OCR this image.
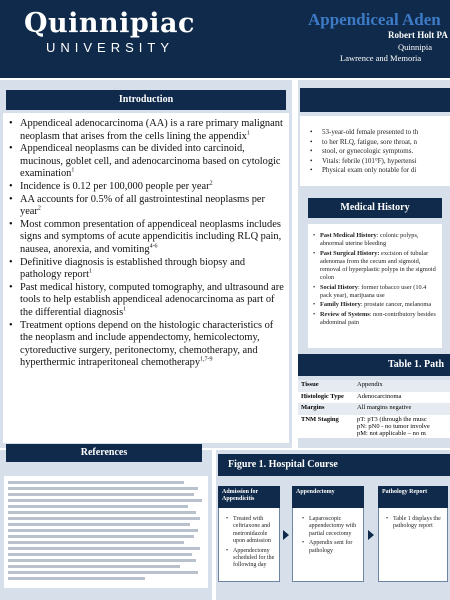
Quinnipiac
UNIVERSITY
Appendiceal Aden
Robert Holt PA
Quinnipia
Lawrence and Memoria
Introduction
• Appendiceal adenocarcinoma (AA) is a rare primary malignant neoplasm that arises from the cells lining the appendix$^1$
• Appendiceal neoplasms can be divided into carcinoid, mucinous, goblet cell, and adenocarcinoma based on cytologic examination$^1$
• Incidence is 0.12 per 100,000 people per year$^2$
• AA accounts for 0.5% of all gastrointestinal neoplasms per year$^2$
• Most common presentation of appendiceal neoplasms includes signs and symptoms of acute appendicitis including RLQ pain, nausea, anorexia, and vomiting$^{4-6}$
• Definitive diagnosis is established through biopsy and pathology report$^1$
• Past medical history, computed tomography, and ultrasound are tools to help establish appendiceal adenocarcinoma as part of the differential diagnosis$^1$
• Treatment options depend on the histologic characteristics of the neoplasm and include appendectomy, hemicolectomy, cytoreductive surgery, peritonectomy, chemotherapy, and hyperthermic intraperitoneal chemotherapy$^{1,7-9}$
• 53-year-old female presented to th
• to her RLQ, fatigue, sore throat, n
• stool, or gynecologic symptoms.
• Vitals: febrile (101°F), hypertensi
• Physical exam only notable for di
Medical History
• Past Medical History: colonic polyps, abnormal uterine bleeding
• Past Surgical History: excision of tubular adenomas from the cecum and sigmoid, removal of hyperplastic polyps in the sigmoid colon
• Social History: former tobacco user (10.4 pack year), marijuana use
• Family History: prostate cancer, melanoma
• Review of Systems: non-contributory besides abdominal pain
Table 1. Path
Tissue	Appendix

Histologic Type	Adenocarcinoma

Margins	All margins negative

TNM Staging	pT: pT3 (through the musc
pN: pN0 - no tumor involve
pM: not applicable – no m
References
Figure 1. Hospital Course
Admission for Appendicitis
• Treated with ceftriaxone and metronidazole upon admission
• Appendectomy scheduled for the following day
Appendectomy
• Laparoscopic appendectomy with partial cecectomy
• Appendix sent for pathology
Pathology Report
• Table 1 displays the pathology report
